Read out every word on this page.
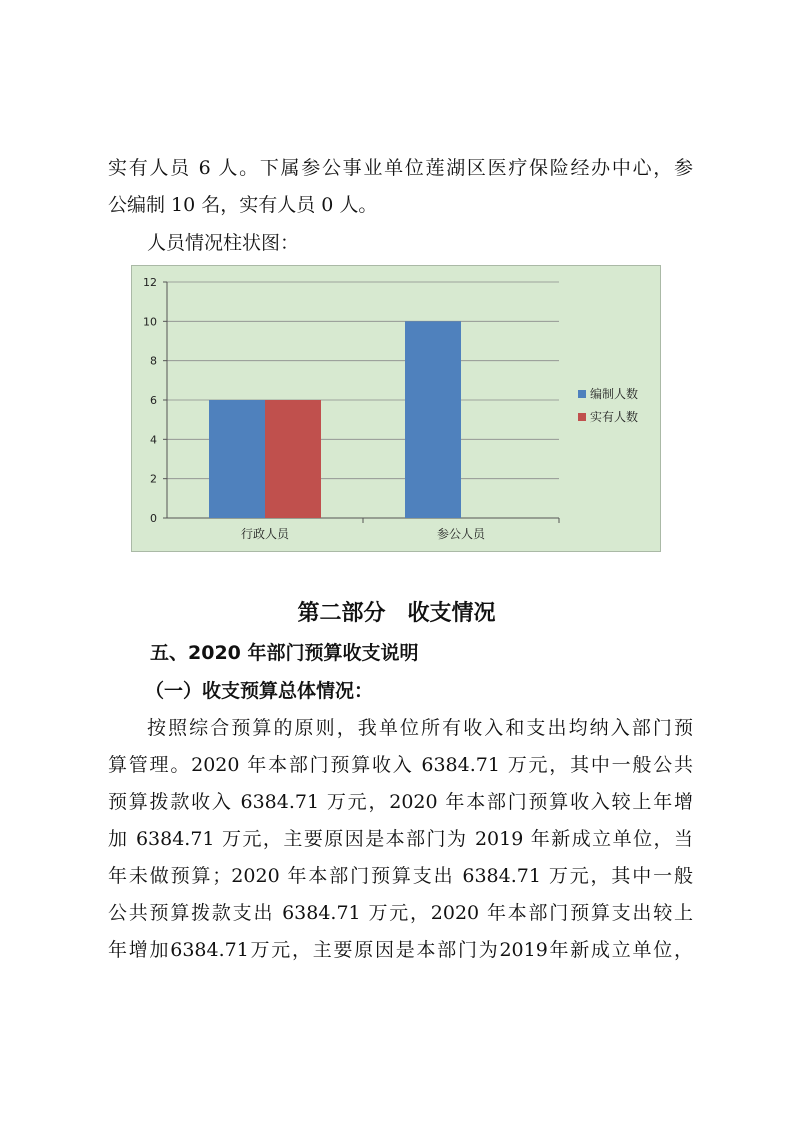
实有人员 6 人。下属参公事业单位莲湖区医疗保险经办中心，参
公编制 10 名，实有人员 0 人。
人员情况柱状图：
0
2
4
6
8
10
12
行政人员	参公人员
编制人数
实有人数
第二部分　收支情况
五、2020 年部门预算收支说明
（一）收支预算总体情况：
按照综合预算的原则，我单位所有收入和支出均纳入部门预
算管理。2020 年本部门预算收入 6384.71 万元，其中一般公共
预算拨款收入 6384.71 万元，2020 年本部门预算收入较上年增
加 6384.71 万元，主要原因是本部门为 2019 年新成立单位，当
年未做预算；2020 年本部门预算支出 6384.71 万元，其中一般
公共预算拨款支出 6384.71 万元，2020 年本部门预算支出较上
年增加6384.71万元，主要原因是本部门为2019年新成立单位，
